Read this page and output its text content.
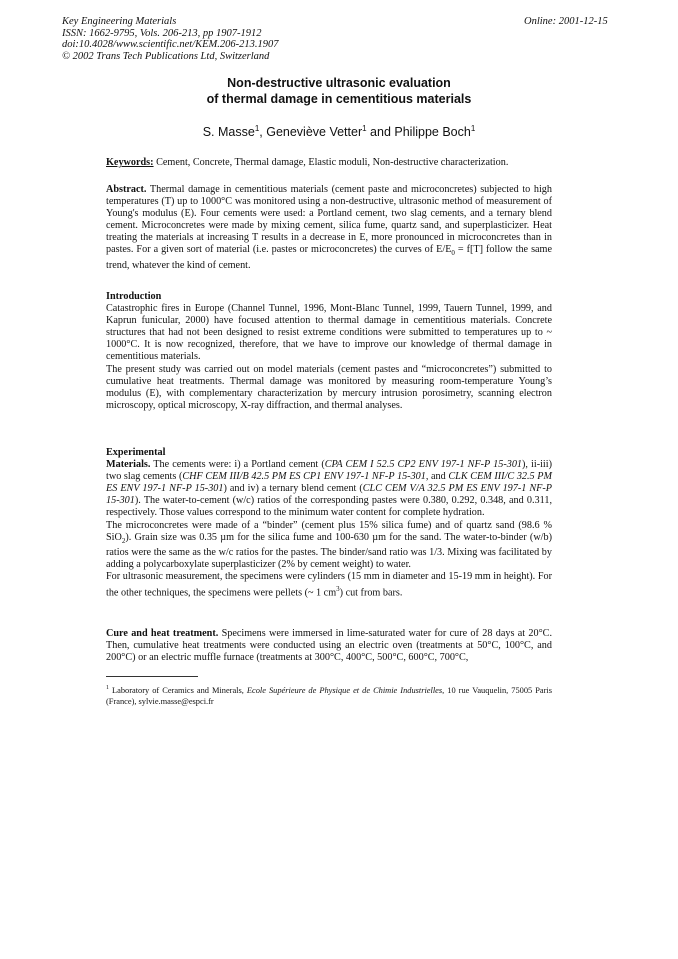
Key Engineering Materials
ISSN: 1662-9795, Vols. 206-213, pp 1907-1912
doi:10.4028/www.scientific.net/KEM.206-213.1907
© 2002 Trans Tech Publications Ltd, Switzerland
Online: 2001-12-15
Non-destructive ultrasonic evaluation
of thermal damage in cementitious materials
S. Masse$^1$, Geneviève Vetter$^1$ and Philippe Boch$^1$

Keywords: Cement, Concrete, Thermal damage, Elastic moduli, Non-destructive characterization.

Abstract. Thermal damage in cementitious materials (cement paste and microconcretes) subjected to high temperatures (T) up to 1000°C was monitored using a non-destructive, ultrasonic method of measurement of Young's modulus (E). Four cements were used: a Portland cement, two slag cements, and a ternary blend cement. Microconcretes were made by mixing cement, silica fume, quartz sand, and superplasticizer. Heat treating the materials at increasing T results in a decrease in E, more pronounced in microconcretes than in pastes. For a given sort of material (i.e. pastes or microconcretes) the curves of $E/E_0 = f[T]$ follow the same trend, whatever the kind of cement.

Introduction

Catastrophic fires in Europe (Channel Tunnel, 1996, Mont-Blanc Tunnel, 1999, Tauern Tunnel, 1999, and Kaprun funicular, 2000) have focused attention to thermal damage in cementitious materials. Concrete structures that had not been designed to resist extreme conditions were submitted to temperatures up to ~ 1000°C. It is now recognized, therefore, that we have to improve our knowledge of thermal damage in cementitious materials.

The present study was carried out on model materials (cement pastes and “microconcretes”) submitted to cumulative heat treatments. Thermal damage was monitored by measuring room-temperature Young’s modulus (E), with complementary characterization by mercury intrusion porosimetry, scanning electron microscopy, optical microscopy, X-ray diffraction, and thermal analyses.

Experimental

Materials. The cements were: i) a Portland cement (CPA CEM I 52.5 CP2 ENV 197-1 NF-P 15-301), ii-iii) two slag cements (CHF CEM III/B 42.5 PM ES CP1 ENV 197-1 NF-P 15-301, and CLK CEM III/C 32.5 PM ES ENV 197-1 NF-P 15-301) and iv) a ternary blend cement (CLC CEM V/A 32.5 PM ES ENV 197-1 NF-P 15-301). The water-to-cement (w/c) ratios of the corresponding pastes were 0.380, 0.292, 0.348, and 0.311, respectively. Those values correspond to the minimum water content for complete hydration.

The microconcretes were made of a “binder” (cement plus 15% silica fume) and of quartz sand (98.6 % SiO$_2$). Grain size was 0.35 µm for the silica fume and 100-630 µm for the sand. The water-to-binder (w/b) ratios were the same as the w/c ratios for the pastes. The binder/sand ratio was 1/3. Mixing was facilitated by adding a polycarboxylate superplasticizer (2% by cement weight) to water.

For ultrasonic measurement, the specimens were cylinders (15 mm in diameter and 15-19 mm in height). For the other techniques, the specimens were pellets (~ 1 $cm^3$) cut from bars.

Cure and heat treatment. Specimens were immersed in lime-saturated water for cure of 28 days at 20°C. Then, cumulative heat treatments were conducted using an electric oven (treatments at 50°C, 100°C, and 200°C) or an electric muffle furnace (treatments at 300°C, 400°C, 500°C, 600°C, 700°C,

$^1$ Laboratory of Ceramics and Minerals, Ecole Supérieure de Physique et de Chimie Industrielles, 10 rue Vauquelin, 75005 Paris (France), sylvie.masse@espci.fr
